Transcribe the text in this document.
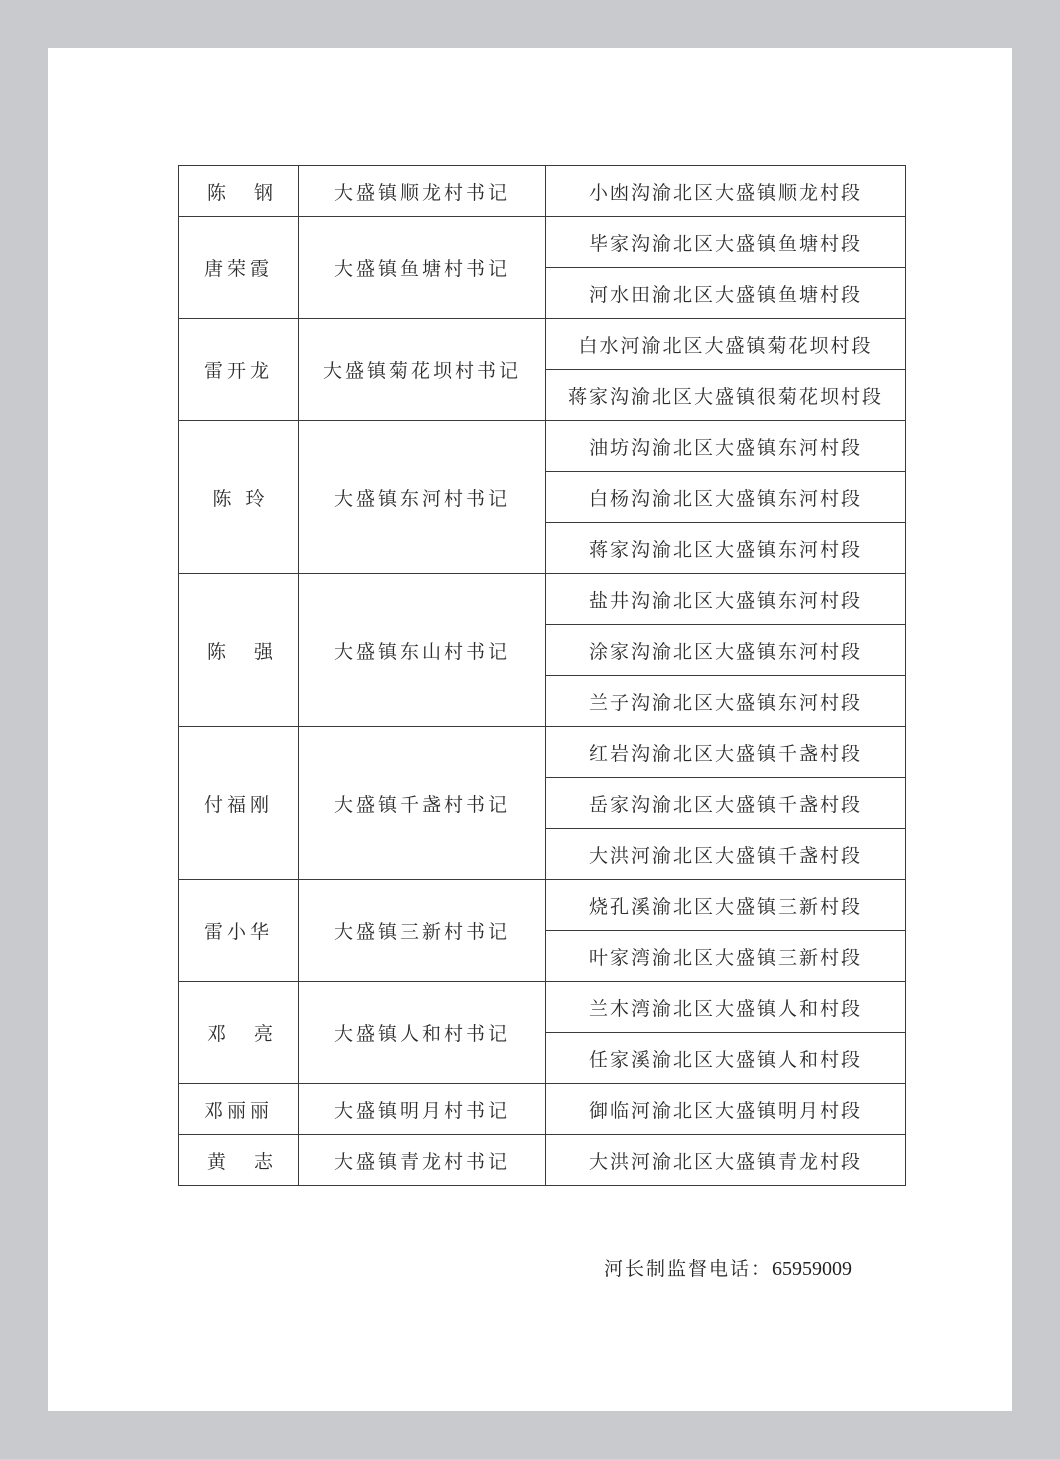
陈钢	大盛镇顺龙村书记	小凼沟渝北区大盛镇顺龙村段
唐荣霞	大盛镇鱼塘村书记	毕家沟渝北区大盛镇鱼塘村段
		河水田渝北区大盛镇鱼塘村段
雷开龙	大盛镇菊花坝村书记	白水河渝北区大盛镇菊花坝村段
		蒋家沟渝北区大盛镇很菊花坝村段
陈玲	大盛镇东河村书记	油坊沟渝北区大盛镇东河村段
		白杨沟渝北区大盛镇东河村段
		蒋家沟渝北区大盛镇东河村段
陈强	大盛镇东山村书记	盐井沟渝北区大盛镇东河村段
		涂家沟渝北区大盛镇东河村段
		兰子沟渝北区大盛镇东河村段
付福刚	大盛镇千盏村书记	红岩沟渝北区大盛镇千盏村段
		岳家沟渝北区大盛镇千盏村段
		大洪河渝北区大盛镇千盏村段
雷小华	大盛镇三新村书记	烧孔溪渝北区大盛镇三新村段
		叶家湾渝北区大盛镇三新村段
邓亮	大盛镇人和村书记	兰木湾渝北区大盛镇人和村段
		任家溪渝北区大盛镇人和村段
邓丽丽	大盛镇明月村书记	御临河渝北区大盛镇明月村段
黄志	大盛镇青龙村书记	大洪河渝北区大盛镇青龙村段
河长制监督电话：65959009
